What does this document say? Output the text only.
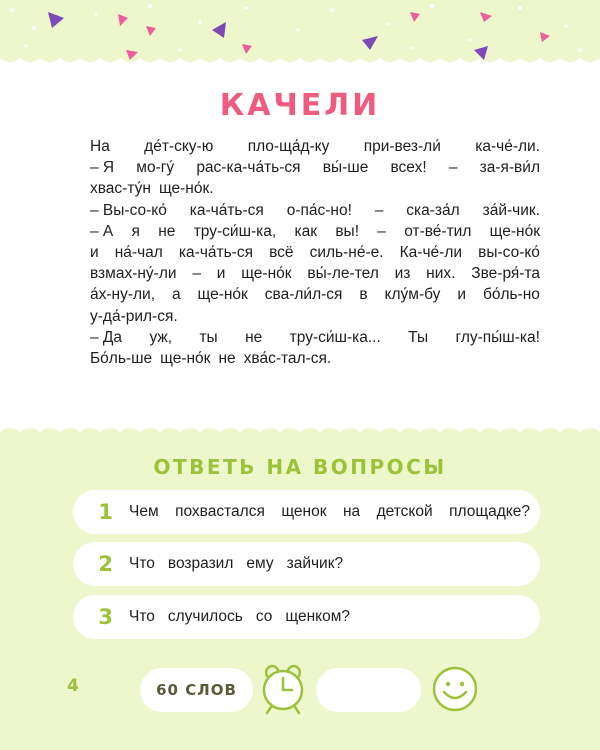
КАЧЕЛИ
На де́т-ску-ю пло-ща́д-ку при-вез-ли́ ка-че́-ли.
– Я мо-гу́ рас-ка-ча́ть-ся вы́-ше всех! – за-я-ви́л
хвас-ту́н ще-но́к.
– Вы-со-ко́ ка-ча́ть-ся о-па́с-но! – ска-за́л за́й-чик.
– А я не тру-си́ш-ка, как вы! – от-ве́-тил ще-но́к
и на́-чал ка-ча́ть-ся всё силь-не́-е. Ка-че́-ли вы-со-ко́
взмах-ну́-ли – и ще-но́к вы́-ле-тел из них. Зве-ря́-та
а́х-ну-ли, а ще-но́к сва-ли́л-ся в клу́м-бу и бо́ль-но
у-да́-рил-ся.
– Да уж, ты не тру-си́ш-ка... Ты глу-пы́ш-ка!
Бо́ль-ше ще-но́к не хва́с-тал-ся.
ОТВЕТЬ НА ВОПРОСЫ
1	Чем похвастался щенок на детской площадке?
2	Что возразил ему зайчик?
3	Что случилось со щенком?
4	60 СЛОВ
